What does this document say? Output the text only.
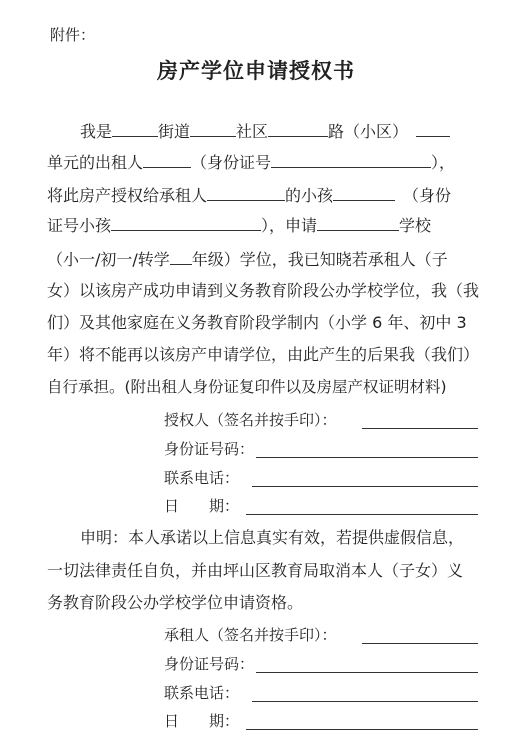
附件：
房产学位申请授权书
我是	街道	社区	路（小区）
单元的出租人	（身份证号	），
将此房产授权给承租人	的小孩	（身份
证号小孩	），申请	学校
（小一/初一/转学 年级）学位，我已知晓若承租人（子
女）以该房产成功申请到义务教育阶段公办学校学位，我（我
们）及其他家庭在义务教育阶段学制内（小学 6 年、初中 3
年）将不能再以该房产申请学位，由此产生的后果我（我们）
自行承担。(附出租人身份证复印件以及房屋产权证明材料)
授权人（签名并按手印）：
身份证号码：
联系电话：
日　　期：
申明：本人承诺以上信息真实有效，若提供虚假信息，
一切法律责任自负，并由坪山区教育局取消本人（子女）义
务教育阶段公办学校学位申请资格。
承租人（签名并按手印）：
身份证号码：
联系电话：
日　　期：
